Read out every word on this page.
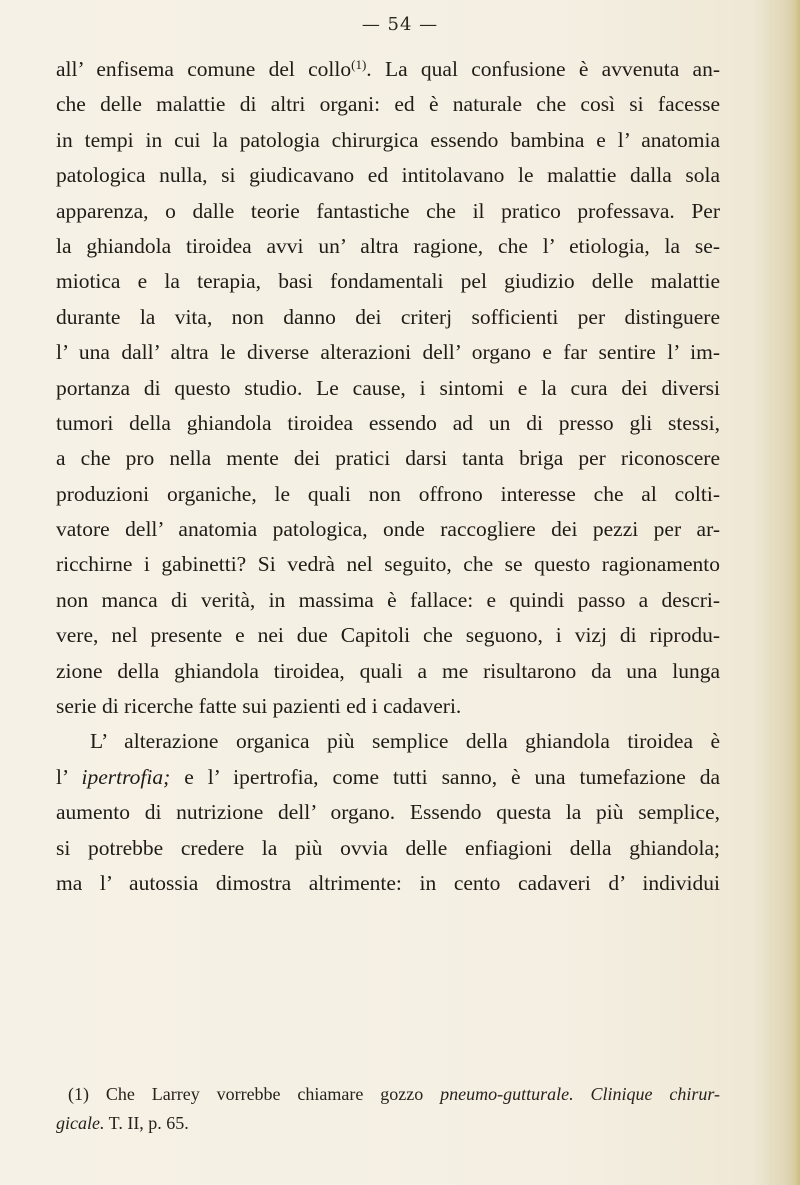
— 54 —
all’ enfisema comune del collo$^{(1)}$. La qual confusione è avvenuta an-
che delle malattie di altri organi: ed è naturale che così si facesse
in tempi in cui la patologia chirurgica essendo bambina e l’ anatomia
patologica nulla, si giudicavano ed intitolavano le malattie dalla sola
apparenza, o dalle teorie fantastiche che il pratico professava. Per
la ghiandola tiroidea avvi un’ altra ragione, che l’ etiologia, la se-
miotica e la terapia, basi fondamentali pel giudizio delle malattie
durante la vita, non danno dei criterj sofficienti per distinguere
l’ una dall’ altra le diverse alterazioni dell’ organo e far sentire l’ im-
portanza di questo studio. Le cause, i sintomi e la cura dei diversi
tumori della ghiandola tiroidea essendo ad un di presso gli stessi,
a che pro nella mente dei pratici darsi tanta briga per riconoscere
produzioni organiche, le quali non offrono interesse che al colti-
vatore dell’ anatomia patologica, onde raccogliere dei pezzi per ar-
ricchirne i gabinetti? Si vedrà nel seguito, che se questo ragionamento
non manca di verità, in massima è fallace: e quindi passo a descri-
vere, nel presente e nei due Capitoli che seguono, i vizj di riprodu-
zione della ghiandola tiroidea, quali a me risultarono da una lunga
serie di ricerche fatte sui pazienti ed i cadaveri.
L’ alterazione organica più semplice della ghiandola tiroidea è
l’ ipertrofia; e l’ ipertrofia, come tutti sanno, è una tumefazione da
aumento di nutrizione dell’ organo. Essendo questa la più semplice,
si potrebbe credere la più ovvia delle enfiagioni della ghiandola;
ma l’ autossia dimostra altrimente: in cento cadaveri d’ individui
(1) Che Larrey vorrebbe chiamare gozzo pneumo-gutturale. Clinique chirur-
gicale. T. II, p. 65.
